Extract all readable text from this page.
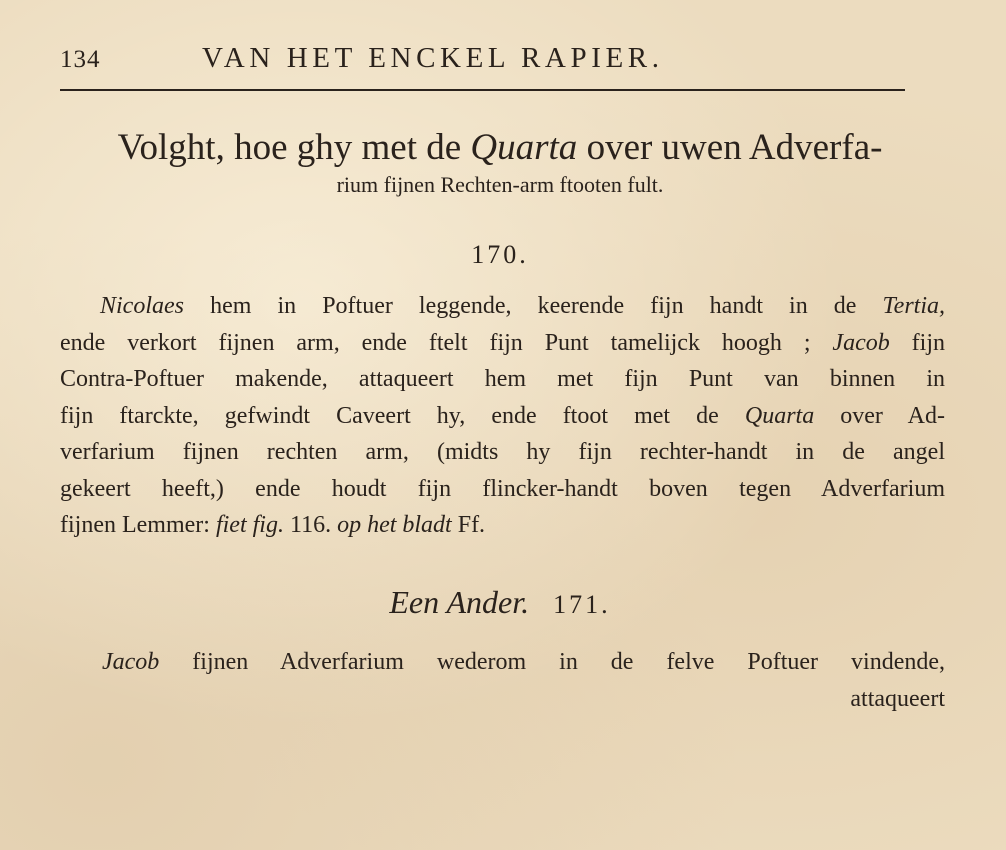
134	VAN HET ENCKEL RAPIER.
Volght, hoe ghy met de Quarta over uwen Adverfa-
rium fijnen Rechten-arm ftooten fult.
170.
Nicolaes hem in Poftuer leggende, keerende fijn handt in de Tertia,
ende verkort fijnen arm, ende ftelt fijn Punt tamelijck hoogh ; Jacob fijn
Contra-Poftuer makende, attaqueert hem met fijn Punt van binnen in
fijn ftarckte, gefwindt Caveert hy, ende ftoot met de Quarta over Ad-
verfarium fijnen rechten arm, (midts hy fijn rechter-handt in de angel
gekeert heeft,) ende houdt fijn flincker-handt boven tegen Adverfarium
fijnen Lemmer: fiet fig. 116. op het bladt Ff.
Een Ander. 171.
Jacob fijnen Adverfarium wederom in de felve Poftuer vindende,
attaqueert
